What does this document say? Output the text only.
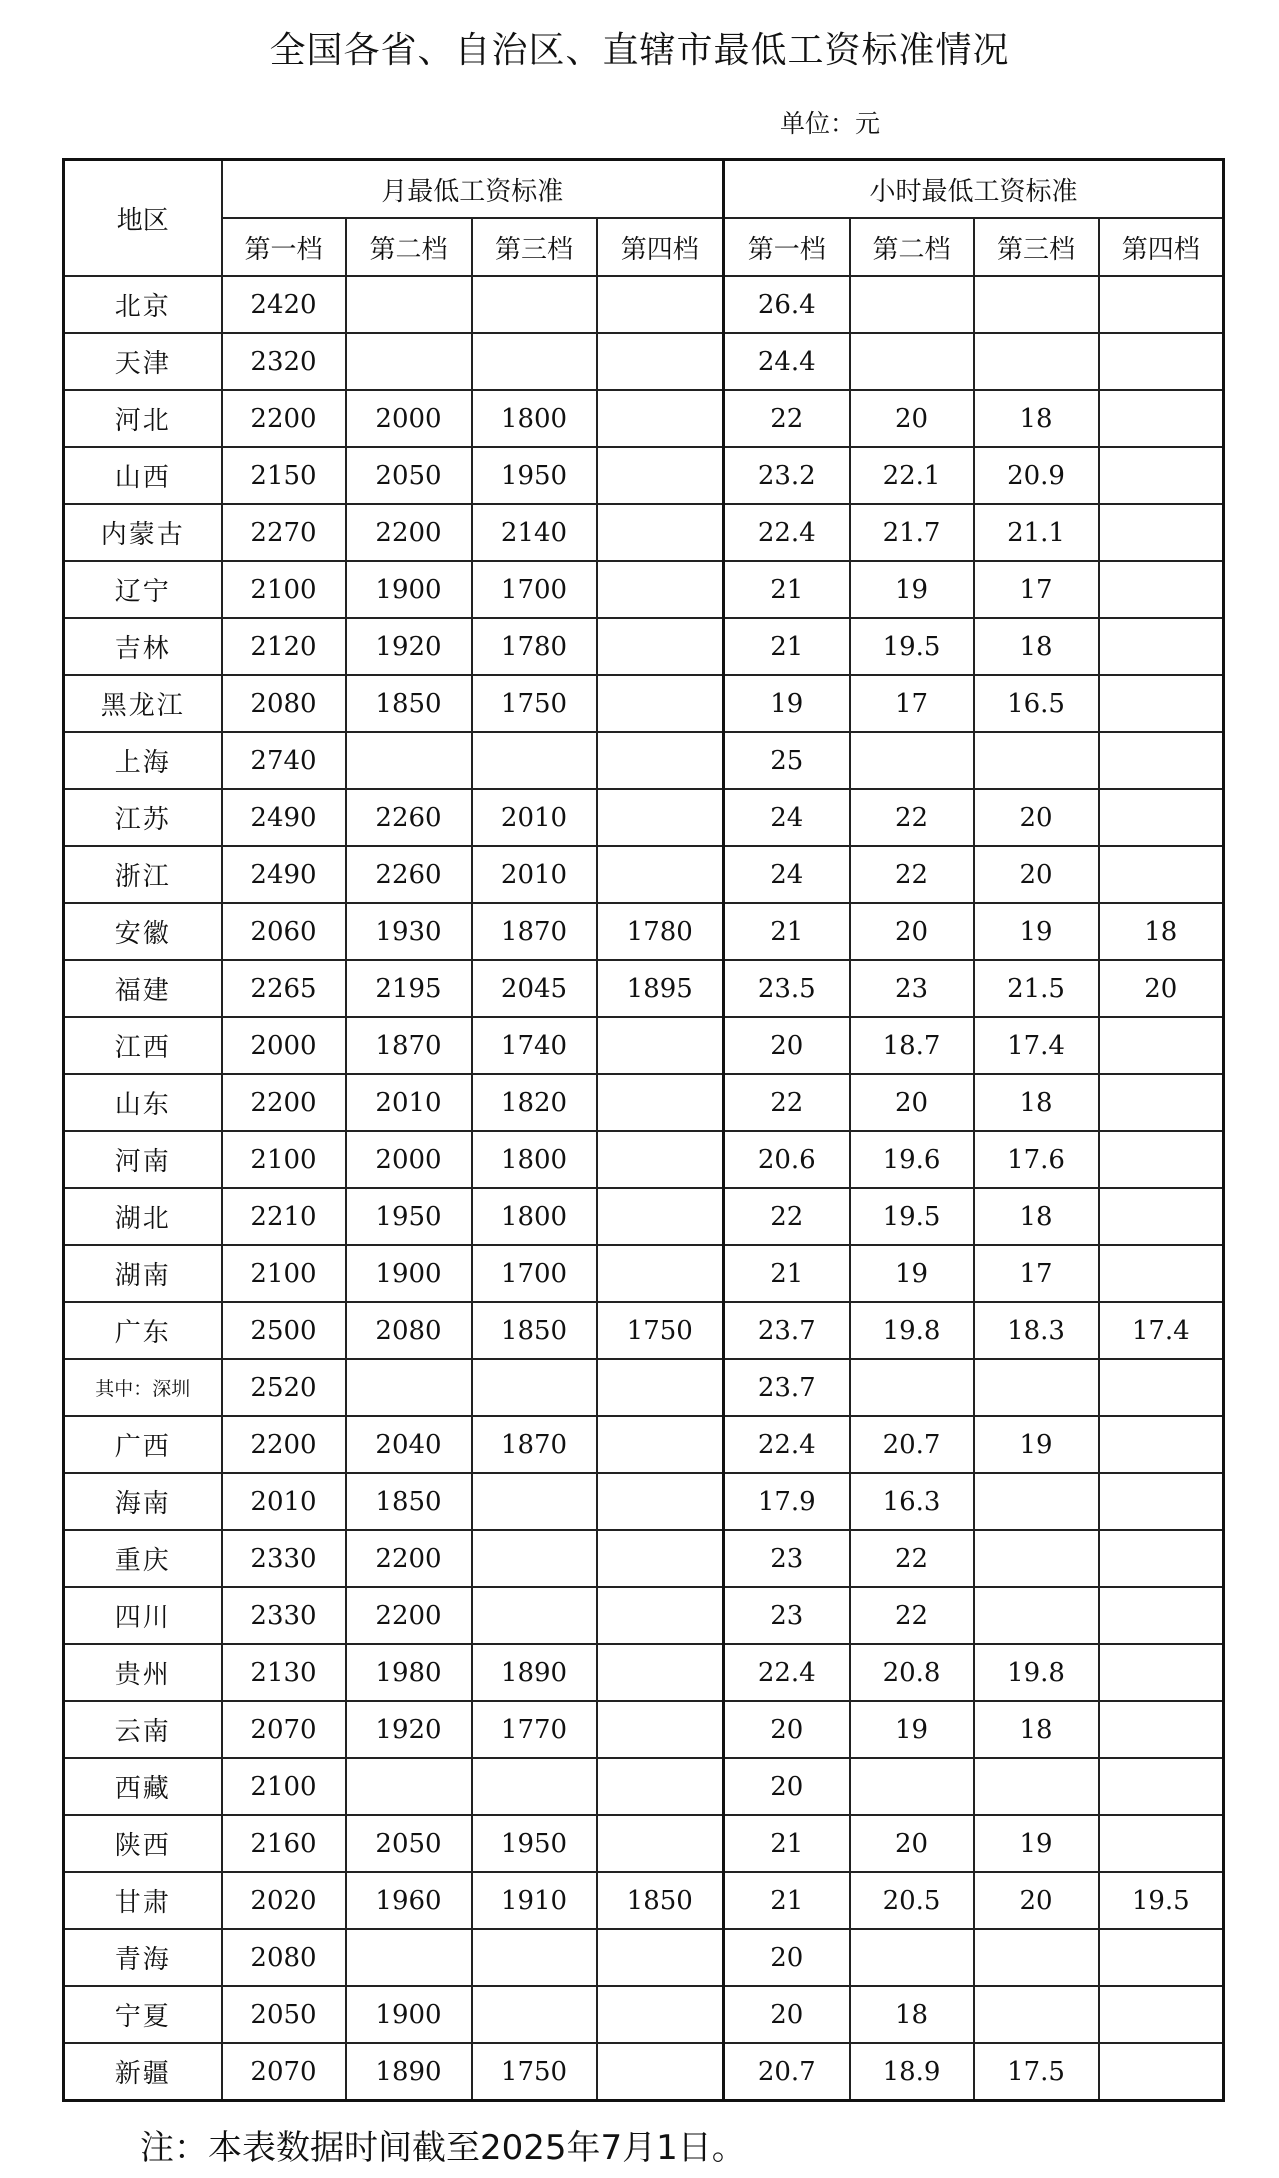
全国各省、自治区、直辖市最低工资标准情况
单位：元
地区	月最低工资标准				小时最低工资标准			
	第一档	第二档	第三档	第四档	第一档	第二档	第三档	第四档
北京	2420				26.4			
天津	2320				24.4			
河北	2200	2000	1800		22	20	18	
山西	2150	2050	1950		23.2	22.1	20.9	
内蒙古	2270	2200	2140		22.4	21.7	21.1	
辽宁	2100	1900	1700		21	19	17	
吉林	2120	1920	1780		21	19.5	18	
黑龙江	2080	1850	1750		19	17	16.5	
上海	2740				25			
江苏	2490	2260	2010		24	22	20	
浙江	2490	2260	2010		24	22	20	
安徽	2060	1930	1870	1780	21	20	19	18
福建	2265	2195	2045	1895	23.5	23	21.5	20
江西	2000	1870	1740		20	18.7	17.4	
山东	2200	2010	1820		22	20	18	
河南	2100	2000	1800		20.6	19.6	17.6	
湖北	2210	1950	1800		22	19.5	18	
湖南	2100	1900	1700		21	19	17	
广东	2500	2080	1850	1750	23.7	19.8	18.3	17.4
其中：深圳	2520				23.7			
广西	2200	2040	1870		22.4	20.7	19	
海南	2010	1850			17.9	16.3		
重庆	2330	2200			23	22		
四川	2330	2200			23	22		
贵州	2130	1980	1890		22.4	20.8	19.8	
云南	2070	1920	1770		20	19	18	
西藏	2100				20			
陕西	2160	2050	1950		21	20	19	
甘肃	2020	1960	1910	1850	21	20.5	20	19.5
青海	2080				20			
宁夏	2050	1900			20	18		
新疆	2070	1890	1750		20.7	18.9	17.5	
注：本表数据时间截至2025年7月1日。
